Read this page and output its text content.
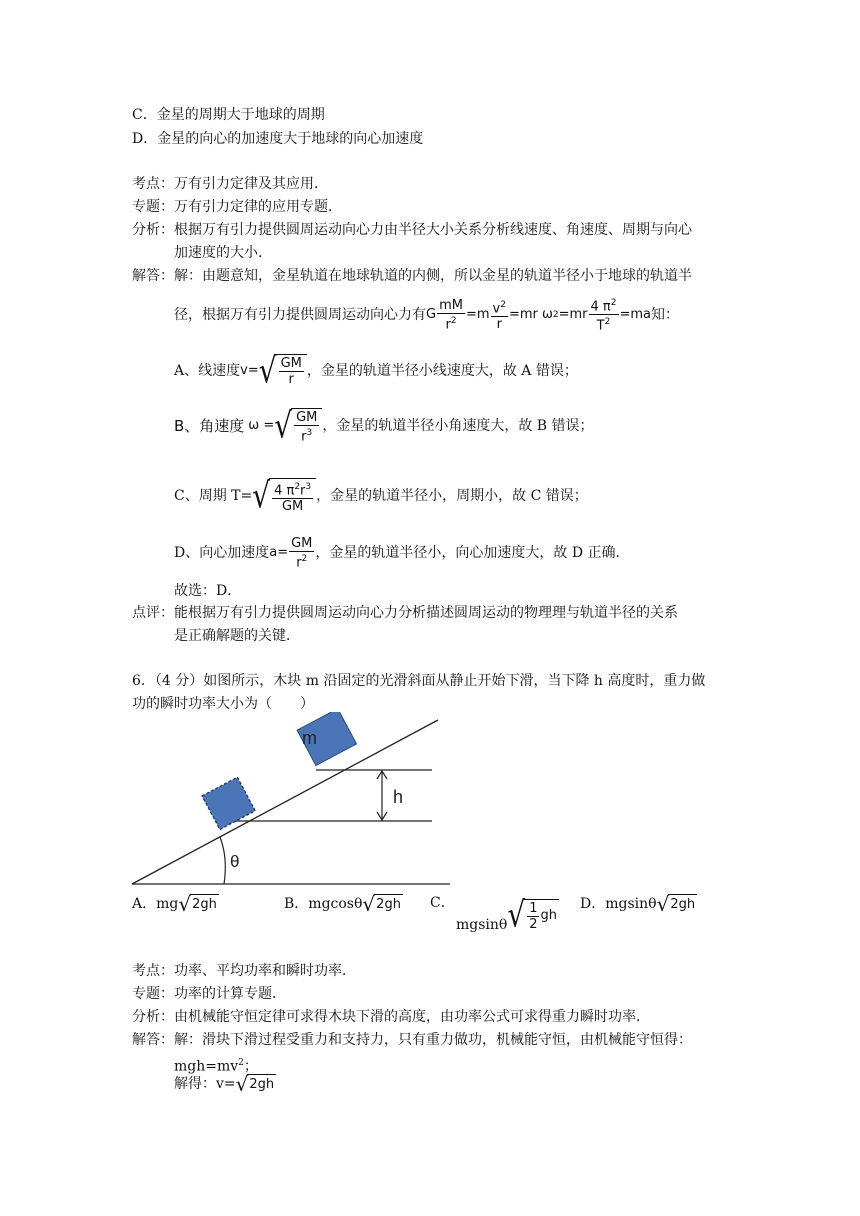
C．金星的周期大于地球的周期
D．金星的向心的加速度大于地球的向心加速度
考点：万有引力定律及其应用．
专题：万有引力定律的应用专题．
分析：根据万有引力提供圆周运动向心力由半径大小关系分析线速度、角速度、周期与向心
加速度的大小．
解答：解：由题意知，金星轨道在地球轨道的内侧，所以金星的轨道半径小于地球的轨道半
径，根据万有引力提供圆周运动向心力有 G $\frac{mM}{r^2} =m \frac{v^2}{r} =mr$ ω $2 =mr \frac{4 \pi^2}{T^2} =ma$ 知：
A、线速度 v= √ $\frac{GM}{r}$ ，金星的轨道半径小线速度大，故 A 错误；
B、角速度 ω = √ $\frac{GM}{r^3}$ ，金星的轨道半径小角速度大，故 B 错误；
C、周期 T= √ $\frac{4 \pi^2r^3}{GM}$ ，金星的轨道半径小，周期小，故 C 错误；
D、向心加速度 $a= \frac{GM}{r^2}$ ，金星的轨道半径小，向心加速度大，故 D 正确．
故选：D．
点评：能根据万有引力提供圆周运动向心力分析描述圆周运动的物理理与轨道半径的关系
是正确解题的关键．
6．（4 分）如图所示，木块 m 沿固定的光滑斜面从静止开始下滑，当下降 h 高度时，重力做
功的瞬时功率大小为（　　）
h
θ
m
A． mg √ 2gh	B． mgcosθ √ 2gh C．
mgsinθ √ $\frac{1}{2}$ gh
D． mgsinθ √ 2gh
考点：功率、平均功率和瞬时功率．
专题：功率的计算专题．
分析：由机械能守恒定律可求得木块下滑的高度，由功率公式可求得重力瞬时功率．
解答：解：滑块下滑过程受重力和支持力，只有重力做功，机械能守恒，由机械能守恒得：
$mgh=mv^2$；
解得：v= √ 2gh
